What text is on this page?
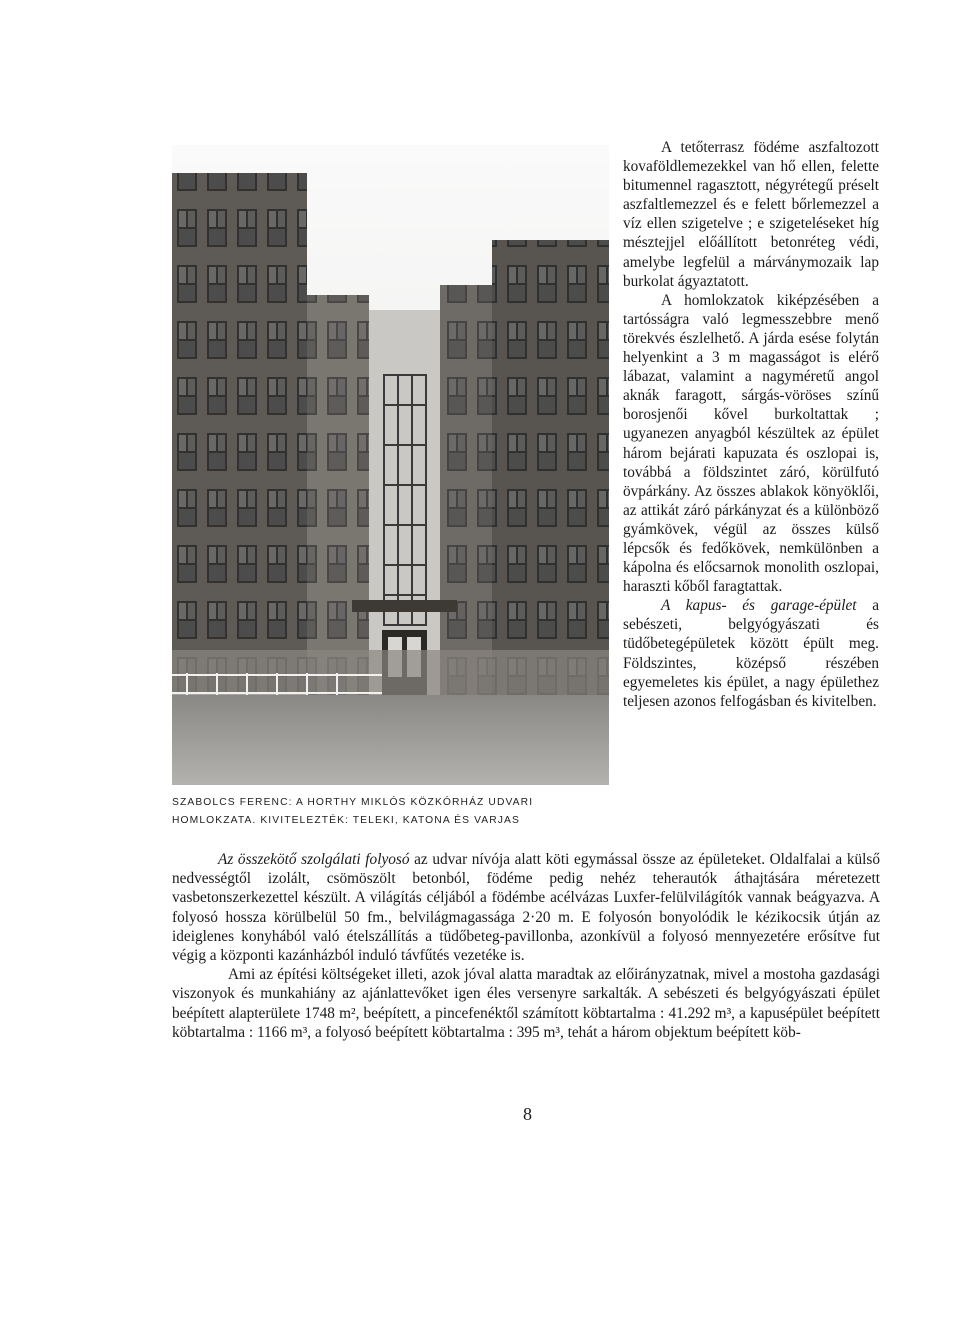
SZABOLCS FERENC: A HORTHY MIKLÓS KÖZKÓRHÁZ UDVARI

HOMLOKZATA. KIVITELEZTÉK: TELEKI, KATONA ÉS VARJAS

A tetőterrasz födéme aszfaltozott kovaföldlemezekkel van hő ellen, felette bitumennel ragasztott, négyrétegű préselt aszfaltlemezzel és e felett bőrlemezzel a víz ellen szigetelve ; e szigeteléseket híg mésztejjel előállított betonréteg védi, amelybe legfelül a márványmozaik lap burkolat ágyaztatott.

A homlokzatok kiképzésében a tartósságra való legmesszebbre menő törekvés észlelhető. A járda esése folytán helyenkint a 3 m magasságot is elérő lábazat, valamint a nagyméretű angol aknák faragott, sárgás-vöröses színű borosjenői kővel burkoltattak ; ugyanezen anyagból készültek az épület három bejárati kapuzata és oszlopai is, továbbá a földszintet záró, körülfutó övpárkány. Az összes ablakok könyöklői, az attikát záró párkányzat és a különböző gyámkövek, végül az összes külső lépcsők és fedőkövek, nemkülönben a kápolna és előcsarnok monolith oszlopai, haraszti kőből faragtattak.

A kapus- és garage-épület a sebészeti, belgyógyászati és tüdőbetegépületek között épült meg. Földszintes, középső részében egyemeletes kis épület, a nagy épülethez teljesen azonos felfogásban és kivitelben.

Az összekötő szolgálati folyosó az udvar nívója alatt köti egymással össze az épületeket. Oldalfalai a külső nedvességtől izolált, csömöszölt betonból, födéme pedig nehéz teherautók áthajtására méretezett vasbetonszerkezettel készült. A világítás céljából a födémbe acélvázas Luxfer-felülvilágítók vannak beágyazva. A folyosó hossza körülbelül 50 fm., belvilágmagassága 2·20 m. E folyosón bonyolódik le kézikocsik útján az ideiglenes konyhából való ételszállítás a tüdőbeteg-pavillonba, azonkívül a folyosó mennyezetére erősítve fut végig a központi kazánházból induló távfűtés vezetéke is.

Ami az építési költségeket illeti, azok jóval alatta maradtak az előirányzatnak, mivel a mostoha gazdasági viszonyok és munkahiány az ajánlattevőket igen éles versenyre sarkalták. A sebészeti és belgyógyászati épület beépített alapterülete 1748 m², beépített, a pincefenéktől számított köbtartalma : 41.292 m³, a kapusépület beépített köbtartalma : 1166 m³, a folyosó beépített köbtartalma : 395 m³, tehát a három objektum beépített köb-

8
